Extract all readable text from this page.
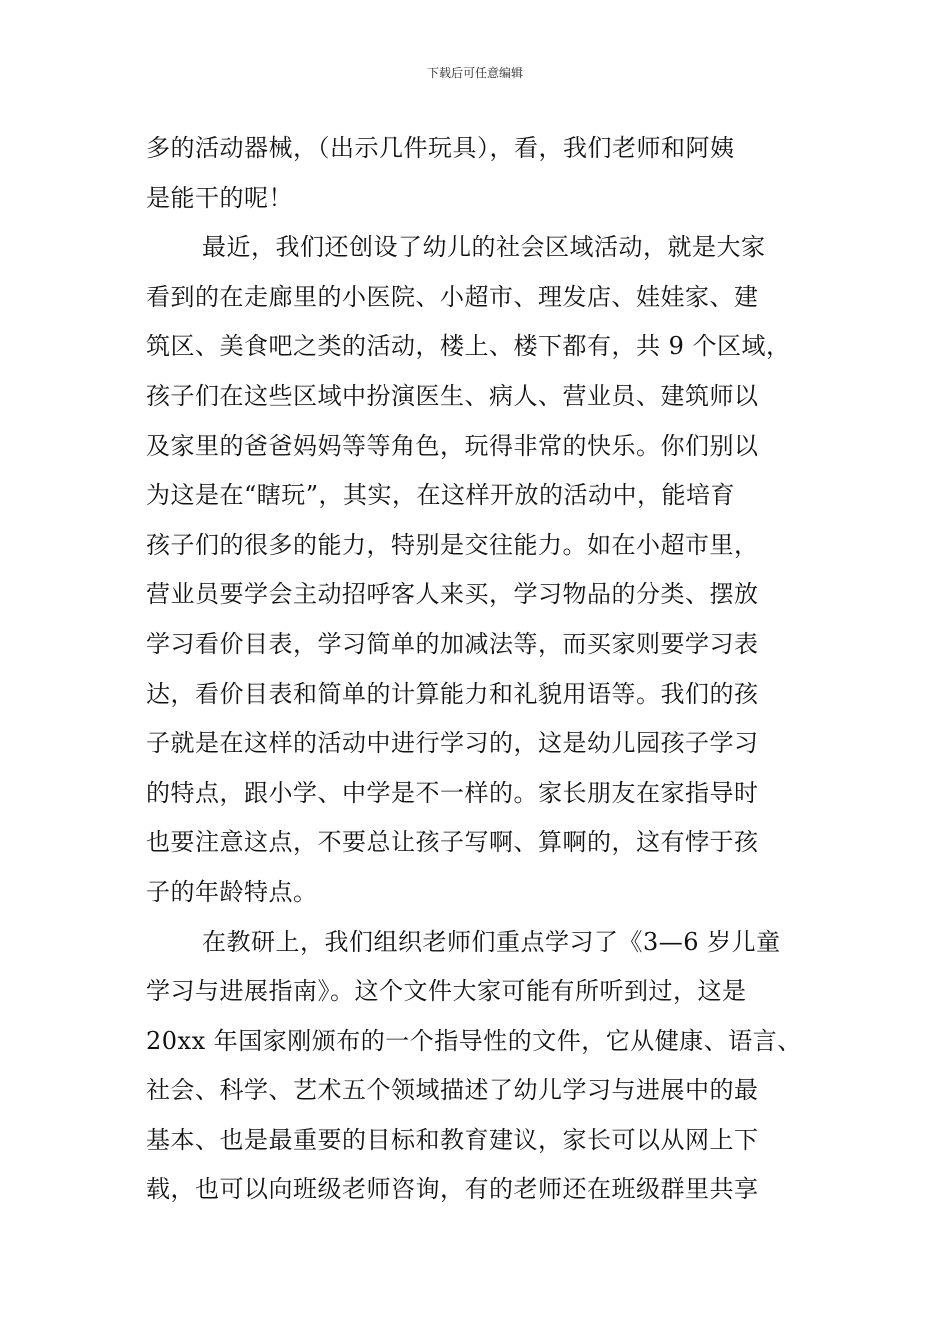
下载后可任意编辑
多的活动器械，（出示几件玩具），看，我们老师和阿姨
是能干的呢！
最近，我们还创设了幼儿的社会区域活动，就是大家
看到的在走廊里的小医院、小超市、理发店、娃娃家、建
筑区、美食吧之类的活动，楼上、楼下都有，共 9 个区域，
孩子们在这些区域中扮演医生、病人、营业员、建筑师以
及家里的爸爸妈妈等等角色，玩得非常的快乐。你们别以
为这是在“瞎玩”，其实，在这样开放的活动中，能培育
孩子们的很多的能力，特别是交往能力。如在小超市里，
营业员要学会主动招呼客人来买，学习物品的分类、摆放
学习看价目表，学习简单的加减法等，而买家则要学习表
达，看价目表和简单的计算能力和礼貌用语等。我们的孩
子就是在这样的活动中进行学习的，这是幼儿园孩子学习
的特点，跟小学、中学是不一样的。家长朋友在家指导时
也要注意这点，不要总让孩子写啊、算啊的，这有悖于孩
子的年龄特点。
在教研上，我们组织老师们重点学习了《3—6 岁儿童
学习与进展指南》。这个文件大家可能有所听到过，这是
20xx 年国家刚颁布的一个指导性的文件，它从健康、语言、
社会、科学、艺术五个领域描述了幼儿学习与进展中的最
基本、也是最重要的目标和教育建议，家长可以从网上下
载，也可以向班级老师咨询，有的老师还在班级群里共享
